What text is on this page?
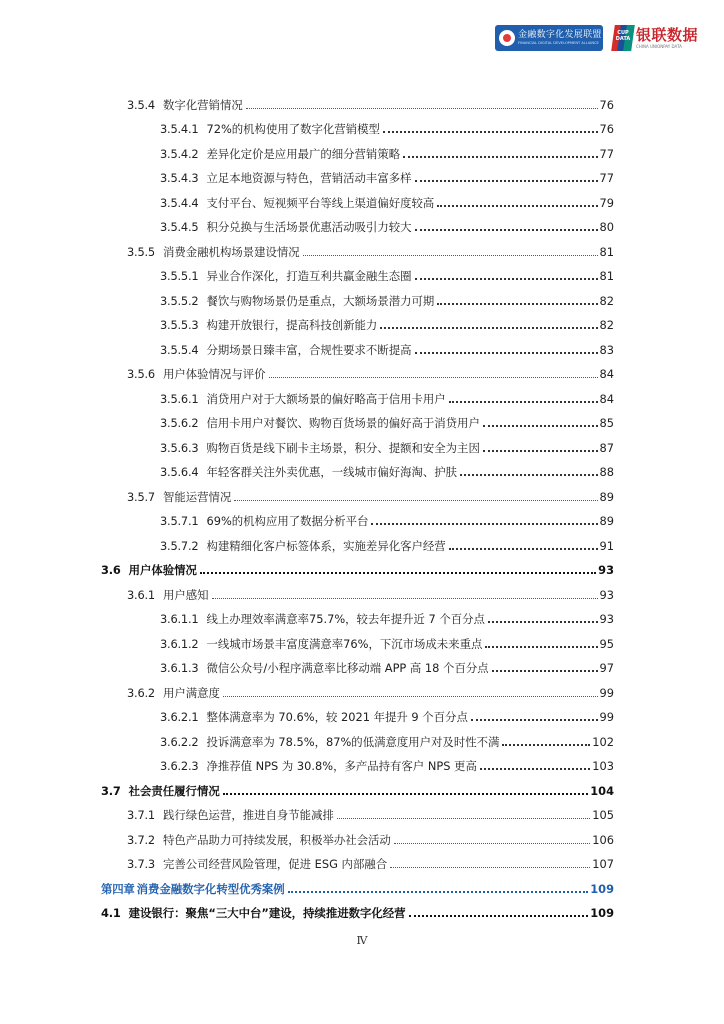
金融数字化发展联盟
FINANCIAL DIGITAL DEVELOPMENT ALLIANCE
CUP DATA 银联数据
CHINA UNIONPAY DATA
3.5.4 数字化营销情况	76
3.5.4.1 72%的机构使用了数字化营销模型	76
3.5.4.2 差异化定价是应用最广的细分营销策略	77
3.5.4.3 立足本地资源与特色，营销活动丰富多样	77
3.5.4.4 支付平台、短视频平台等线上渠道偏好度较高	79
3.5.4.5 积分兑换与生活场景优惠活动吸引力较大	80
3.5.5 消费金融机构场景建设情况	81
3.5.5.1 异业合作深化，打造互利共赢金融生态圈	81
3.5.5.2 餐饮与购物场景仍是重点，大额场景潜力可期	82
3.5.5.3 构建开放银行，提高科技创新能力	82
3.5.5.4 分期场景日臻丰富，合规性要求不断提高	83
3.5.6 用户体验情况与评价	84
3.5.6.1 消贷用户对于大额场景的偏好略高于信用卡用户	84
3.5.6.2 信用卡用户对餐饮、购物百货场景的偏好高于消贷用户	85
3.5.6.3 购物百货是线下刷卡主场景，积分、提额和安全为主因	87
3.5.6.4 年轻客群关注外卖优惠，一线城市偏好海淘、护肤	88
3.5.7 智能运营情况	89
3.5.7.1 69%的机构应用了数据分析平台	89
3.5.7.2 构建精细化客户标签体系，实施差异化客户经营	91
3.6 用户体验情况	93
3.6.1 用户感知	93
3.6.1.1 线上办理效率满意率75.7%，较去年提升近 7 个百分点	93
3.6.1.2 一线城市场景丰富度满意率76%，下沉市场成未来重点	95
3.6.1.3 微信公众号/小程序满意率比移动端 APP 高 18 个百分点	97
3.6.2 用户满意度	99
3.6.2.1 整体满意率为 70.6%，较 2021 年提升 9 个百分点	99
3.6.2.2 投诉满意率为 78.5%，87%的低满意度用户对及时性不满	102
3.6.2.3 净推荐值 NPS 为 30.8%，多产品持有客户 NPS 更高	103
3.7 社会责任履行情况	104
3.7.1 践行绿色运营，推进自身节能减排	105
3.7.2 特色产品助力可持续发展，积极举办社会活动	106
3.7.3 完善公司经营风险管理，促进 ESG 内部融合	107
第四章 消费金融数字化转型优秀案例	109
4.1 建设银行：聚焦“三大中台”建设，持续推进数字化经营	109
Ⅳ
